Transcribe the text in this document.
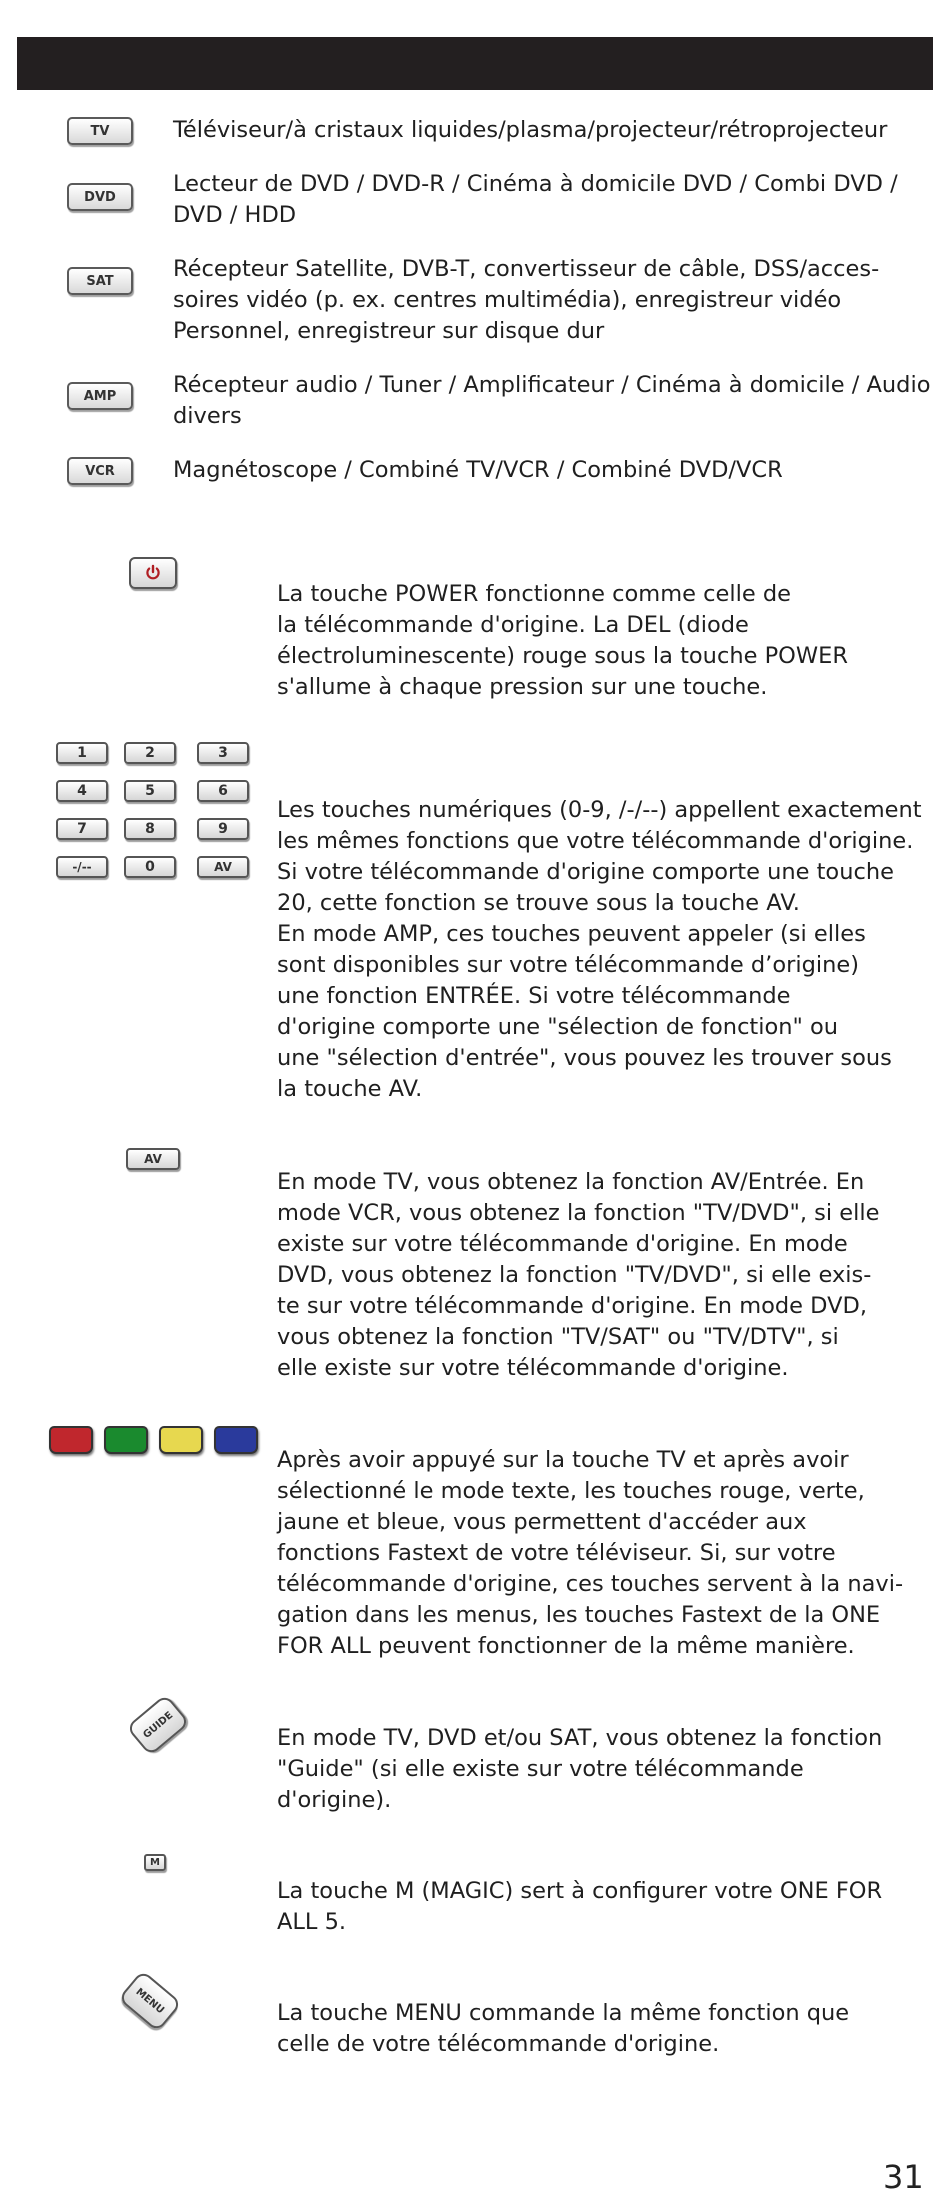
TV	Téléviseur/à cristaux liquides/plasma/projecteur/rétroprojecteur
DVD	Lecteur de DVD / DVD-R / Cinéma à domicile DVD / Combi DVD / DVD / HDD
SAT	Récepteur Satellite, DVB-T, convertisseur de câble, DSS/acces-soires vidéo (p. ex. centres multimédia), enregistreur vidéo Personnel, enregistreur sur disque dur
AMP	Récepteur audio / Tuner / Amplificateur / Cinéma à domicile / Audio divers
VCR	Magnétoscope / Combiné TV/VCR / Combiné DVD/VCR
La touche POWER fonctionne comme celle de
la télécommande d'origine. La DEL (diode
électroluminescente) rouge sous la touche POWER
s'allume à chaque pression sur une touche.
1	2	3
4	5	6
7	8	9
-/--	0	AV
Les touches numériques (0-9, /-/--) appellent exactement
les mêmes fonctions que votre télécommande d'origine.
Si votre télécommande d'origine comporte une touche
20, cette fonction se trouve sous la touche AV.
En mode AMP, ces touches peuvent appeler (si elles
sont disponibles sur votre télécommande d’origine)
une fonction ENTRÉE. Si votre télécommande
d'origine comporte une "sélection de fonction" ou
une "sélection d'entrée", vous pouvez les trouver sous
la touche AV.
AV
En mode TV, vous obtenez la fonction AV/Entrée. En
mode VCR, vous obtenez la fonction "TV/DVD", si elle
existe sur votre télécommande d'origine. En mode
DVD, vous obtenez la fonction "TV/DVD", si elle exis-
te sur votre télécommande d'origine. En mode DVD,
vous obtenez la fonction "TV/SAT" ou "TV/DTV", si
elle existe sur votre télécommande d'origine.
Après avoir appuyé sur la touche TV et après avoir
sélectionné le mode texte, les touches rouge, verte,
jaune et bleue, vous permettent d'accéder aux
fonctions Fastext de votre téléviseur. Si, sur votre
télécommande d'origine, ces touches servent à la navi-
gation dans les menus, les touches Fastext de la ONE
FOR ALL peuvent fonctionner de la même manière.
GUIDE	En mode TV, DVD et/ou SAT, vous obtenez la fonction
"Guide" (si elle existe sur votre télécommande
d'origine).
M
La touche M (MAGIC) sert à configurer votre ONE FOR
ALL 5.
MENU	La touche MENU commande la même fonction que
celle de votre télécommande d'origine.
31
